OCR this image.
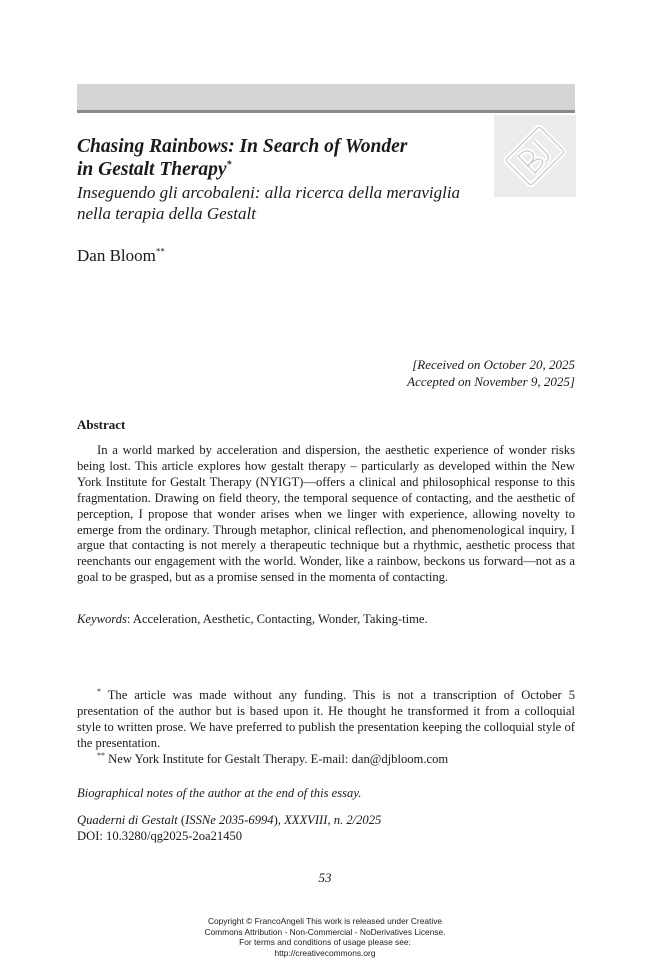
Chasing Rainbows: In Search of Wonder
in Gestalt Therapy*

Inseguendo gli arcobaleni: alla ricerca della meraviglia
nella terapia della Gestalt

Dan Bloom**
[Received on October 20, 2025
Accepted on November 9, 2025]
Abstract

In a world marked by acceleration and dispersion, the aesthetic experience of wonder risks being lost. This article explores how gestalt therapy – particularly as developed within the New York Institute for Gestalt Therapy (NYIGT)—offers a clinical and philosophical response to this fragmentation. Drawing on field theory, the temporal sequence of contacting, and the aesthetic of perception, I propose that wonder arises when we linger with experience, allowing novelty to emerge from the ordinary. Through metaphor, clinical reflection, and phenomenological inquiry, I argue that contacting is not merely a therapeutic technique but a rhythmic, aesthetic process that reenchants our engagement with the world. Wonder, like a rainbow, beckons us forward—not as a goal to be grasped, but as a promise sensed in the momenta of contacting.

Keywords: Acceleration, Aesthetic, Contacting, Wonder, Taking-time.

* The article was made without any funding. This is not a transcription of October 5 presentation of the author but is based upon it. He thought he transformed it from a colloquial style to written prose. We have preferred to publish the presentation keeping the colloquial style of the presentation.

** New York Institute for Gestalt Therapy. E-mail: dan@djbloom.com

Biographical notes of the author at the end of this essay.
Quaderni di Gestalt (ISSNe 2035-6994), XXXVIII, n. 2/2025
DOI: 10.3280/qg2025-2oa21450
53
Copyright © FrancoAngeli This work is released under Creative
Commons Attribution - Non-Commercial - NoDerivatives License.
For terms and conditions of usage please see:
http://creativecommons.org
